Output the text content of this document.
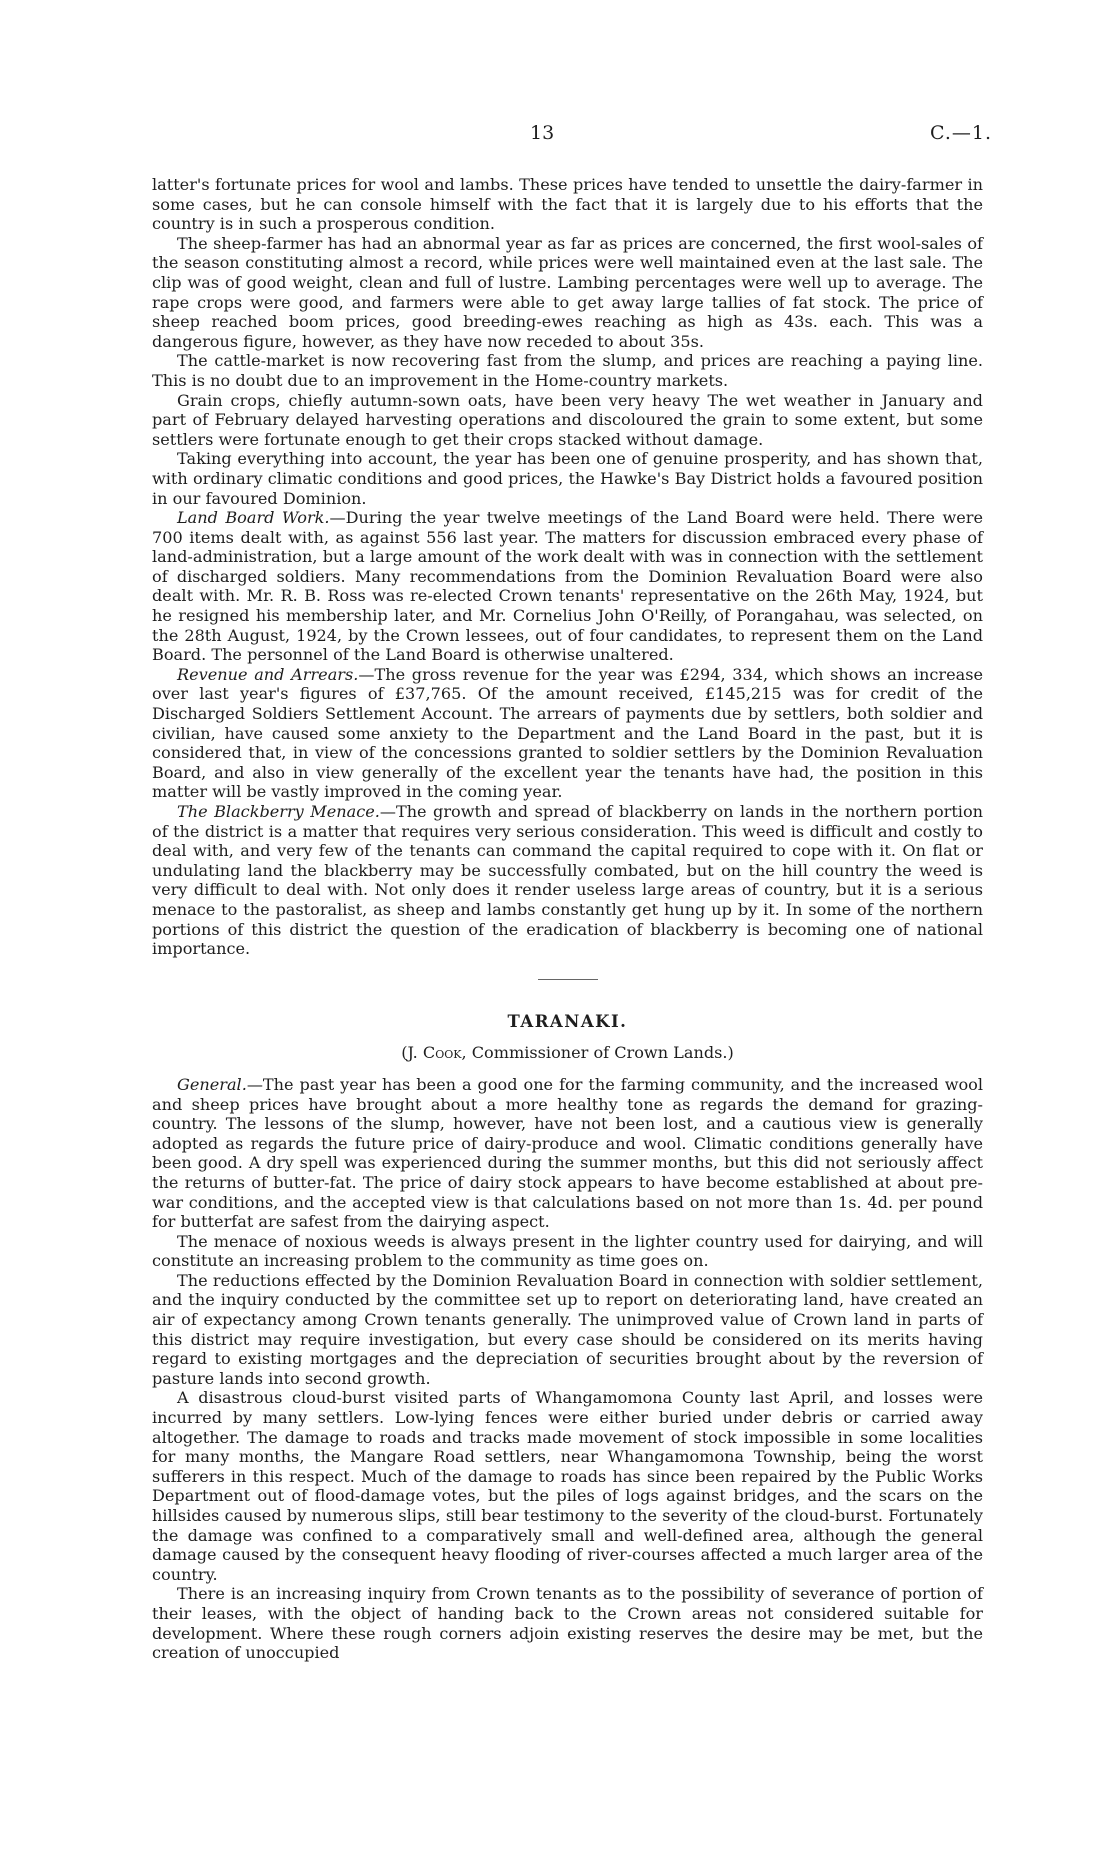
13	C.—1.

latter's fortunate prices for wool and lambs. These prices have tended to unsettle the dairy-farmer in some cases, but he can console himself with the fact that it is largely due to his efforts that the country is in such a prosperous condition.

The sheep-farmer has had an abnormal year as far as prices are concerned, the first wool-sales of the season constituting almost a record, while prices were well maintained even at the last sale. The clip was of good weight, clean and full of lustre. Lambing percentages were well up to average. The rape crops were good, and farmers were able to get away large tallies of fat stock. The price of sheep reached boom prices, good breeding-ewes reaching as high as 43s. each. This was a dangerous figure, however, as they have now receded to about 35s.

The cattle-market is now recovering fast from the slump, and prices are reaching a paying line. This is no doubt due to an improvement in the Home-country markets.

Grain crops, chiefly autumn-sown oats, have been very heavy The wet weather in January and part of February delayed harvesting operations and discoloured the grain to some extent, but some settlers were fortunate enough to get their crops stacked without damage.

Taking everything into account, the year has been one of genuine prosperity, and has shown that, with ordinary climatic conditions and good prices, the Hawke's Bay District holds a favoured position in our favoured Dominion.

Land Board Work.—During the year twelve meetings of the Land Board were held. There were 700 items dealt with, as against 556 last year. The matters for discussion embraced every phase of land-administration, but a large amount of the work dealt with was in connection with the settlement of discharged soldiers. Many recommendations from the Dominion Revaluation Board were also dealt with. Mr. R. B. Ross was re-elected Crown tenants' representative on the 26th May, 1924, but he resigned his membership later, and Mr. Cornelius John O'Reilly, of Porangahau, was selected, on the 28th August, 1924, by the Crown lessees, out of four candidates, to represent them on the Land Board. The personnel of the Land Board is otherwise unaltered.

Revenue and Arrears.—The gross revenue for the year was £294, 334, which shows an increase over last year's figures of £37,765. Of the amount received, £145,215 was for credit of the Discharged Soldiers Settlement Account. The arrears of payments due by settlers, both soldier and civilian, have caused some anxiety to the Department and the Land Board in the past, but it is considered that, in view of the concessions granted to soldier settlers by the Dominion Revaluation Board, and also in view generally of the excellent year the tenants have had, the position in this matter will be vastly improved in the coming year.

The Blackberry Menace.—The growth and spread of blackberry on lands in the northern portion of the district is a matter that requires very serious consideration. This weed is difficult and costly to deal with, and very few of the tenants can command the capital required to cope with it. On flat or undulating land the blackberry may be successfully combated, but on the hill country the weed is very difficult to deal with. Not only does it render useless large areas of country, but it is a serious menace to the pastoralist, as sheep and lambs constantly get hung up by it. In some of the northern portions of this district the question of the eradication of blackberry is becoming one of national importance.

TARANAKI.

(J. Cook, Commissioner of Crown Lands.)

General.—The past year has been a good one for the farming community, and the increased wool and sheep prices have brought about a more healthy tone as regards the demand for grazing-country. The lessons of the slump, however, have not been lost, and a cautious view is generally adopted as regards the future price of dairy-produce and wool. Climatic conditions generally have been good. A dry spell was experienced during the summer months, but this did not seriously affect the returns of butter-fat. The price of dairy stock appears to have become established at about pre-war conditions, and the accepted view is that calculations based on not more than 1s. 4d. per pound for butterfat are safest from the dairying aspect.

The menace of noxious weeds is always present in the lighter country used for dairying, and will constitute an increasing problem to the community as time goes on.

The reductions effected by the Dominion Revaluation Board in connection with soldier settlement, and the inquiry conducted by the committee set up to report on deteriorating land, have created an air of expectancy among Crown tenants generally. The unimproved value of Crown land in parts of this district may require investigation, but every case should be considered on its merits having regard to existing mortgages and the depreciation of securities brought about by the reversion of pasture lands into second growth.

A disastrous cloud-burst visited parts of Whangamomona County last April, and losses were incurred by many settlers. Low-lying fences were either buried under debris or carried away altogether. The damage to roads and tracks made movement of stock impossible in some localities for many months, the Mangare Road settlers, near Whangamomona Township, being the worst sufferers in this respect. Much of the damage to roads has since been repaired by the Public Works Department out of flood-damage votes, but the piles of logs against bridges, and the scars on the hillsides caused by numerous slips, still bear testimony to the severity of the cloud-burst. Fortunately the damage was confined to a comparatively small and well-defined area, although the general damage caused by the consequent heavy flooding of river-courses affected a much larger area of the country.

There is an increasing inquiry from Crown tenants as to the possibility of severance of portion of their leases, with the object of handing back to the Crown areas not considered suitable for development. Where these rough corners adjoin existing reserves the desire may be met, but the creation of unoccupied
